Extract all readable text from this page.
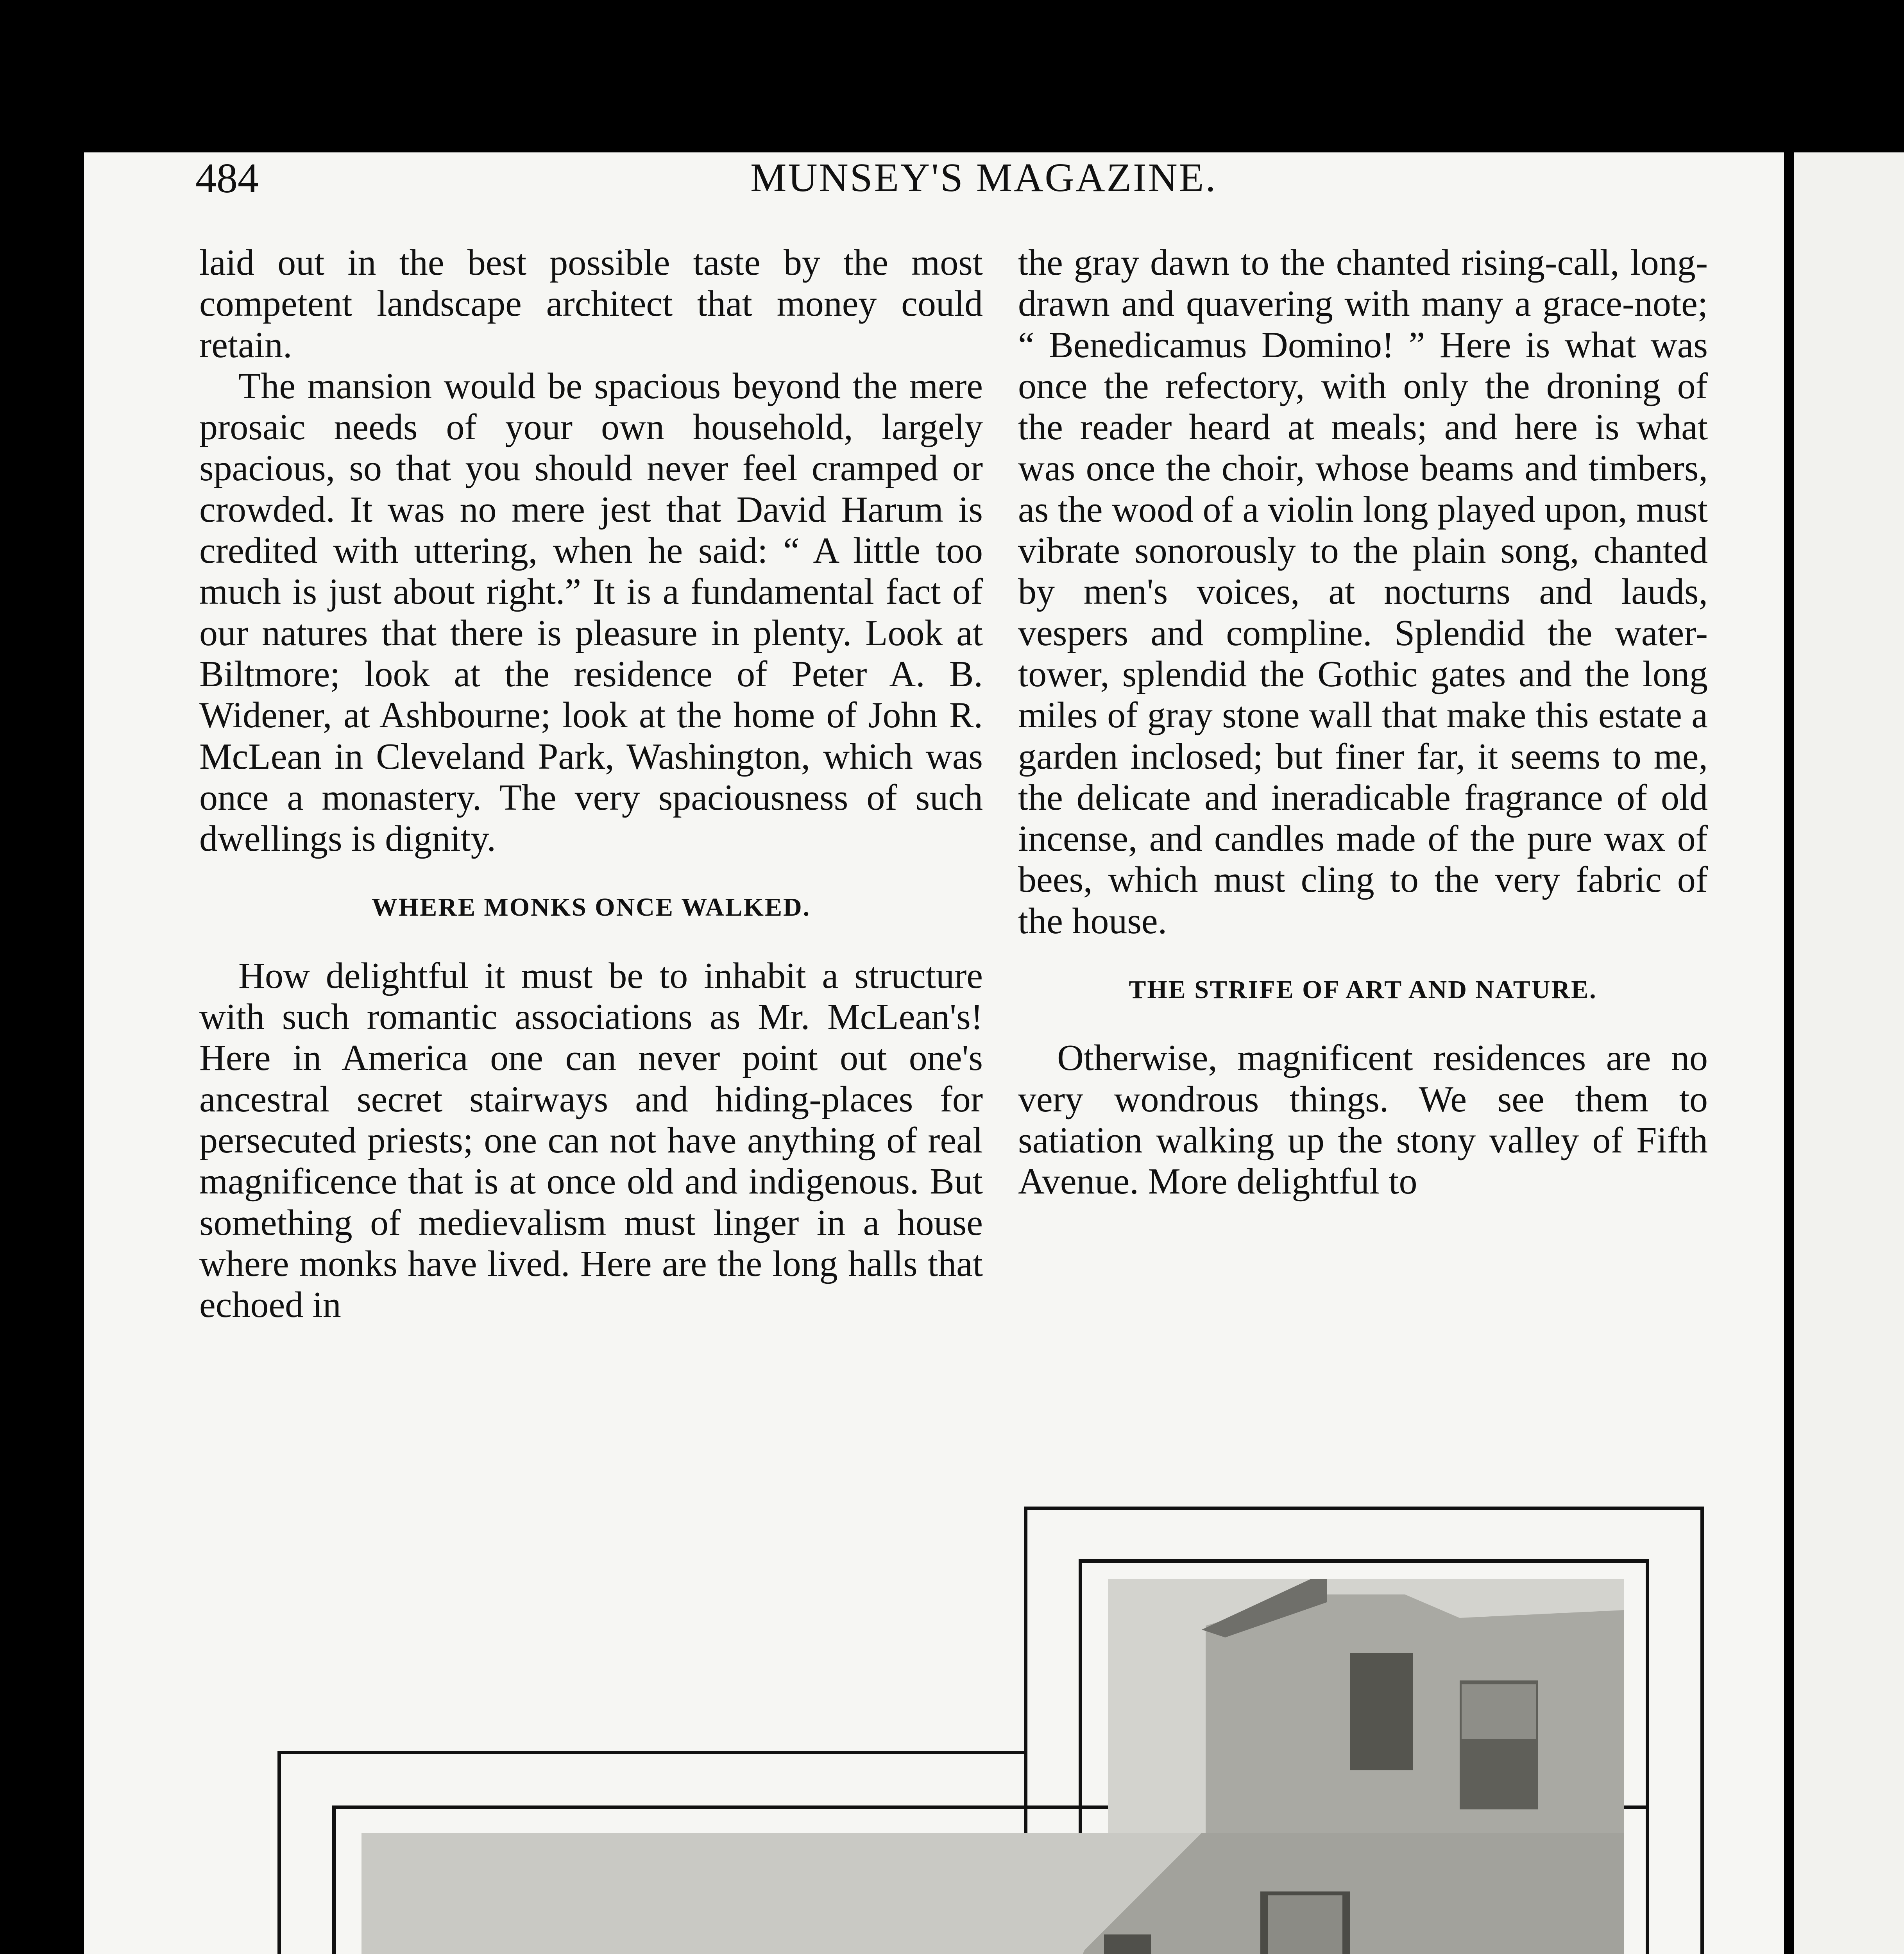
484	MUNSEY'S MAGAZINE.

laid out in the best possible taste by the most competent landscape architect that money could retain.

The mansion would be spacious beyond the mere prosaic needs of your own household, largely spacious, so that you should never feel cramped or crowded. It was no mere jest that David Harum is credited with uttering, when he said: “ A little too much is just about right.” It is a fundamental fact of our natures that there is pleasure in plenty. Look at Biltmore; look at the residence of Peter A. B. Widener, at Ashbourne; look at the home of John R. McLean in Cleveland Park, Washington, which was once a monastery. The very spaciousness of such dwellings is dignity.

WHERE MONKS ONCE WALKED.

How delightful it must be to inhabit a structure with such romantic associations as Mr. McLean's! Here in America one can never point out one's ancestral secret stairways and hiding-places for persecuted priests; one can not have anything of real magnificence that is at once old and indigenous. But something of medievalism must linger in a house where monks have lived. Here are the long halls that echoed in

the gray dawn to the chanted rising-call, long-drawn and quavering with many a grace-note; “ Benedicamus Domino! ” Here is what was once the refectory, with only the droning of the reader heard at meals; and here is what was once the choir, whose beams and timbers, as the wood of a violin long played upon, must vibrate sonorously to the plain song, chanted by men's voices, at nocturns and lauds, vespers and compline. Splendid the water-tower, splendid the Gothic gates and the long miles of gray stone wall that make this estate a garden inclosed; but finer far, it seems to me, the delicate and ineradicable fragrance of old incense, and candles made of the pure wax of bees, which must cling to the very fabric of the house.

THE STRIFE OF ART AND NATURE.

Otherwise, magnificent residences are no very wondrous things. We see them to satiation walking up the stony valley of Fifth Avenue. More delightful to
